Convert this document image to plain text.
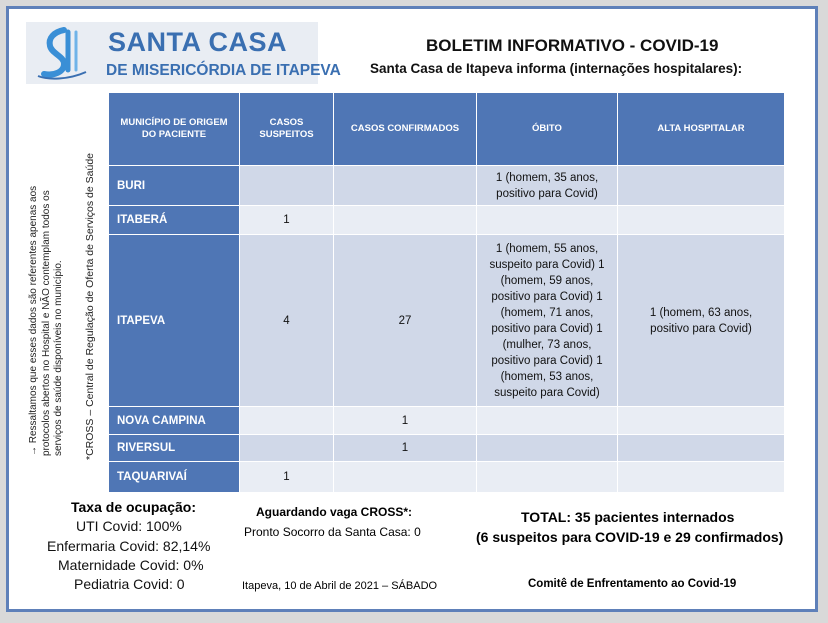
SANTA CASA
DE MISERICÓRDIA DE ITAPEVA
BOLETIM INFORMATIVO - COVID-19
Santa Casa de Itapeva informa (internações hospitalares):
→ Ressaltamos que esses dados são referentes apenas aos protocolos abertos no Hospital e NÃO contemplam todos os serviços de saúde disponíveis no município. *CROSS – Central de Regulação de Oferta de Serviços de Saúde
MUNICÍPIO DE ORIGEM DO PACIENTE	CASOS SUSPEITOS	CASOS CONFIRMADOS	ÓBITO	ALTA HOSPITALAR
BURI			1 (homem, 35 anos, positivo para Covid)	
ITABERÁ	1			
ITAPEVA	4	27	1 (homem, 55 anos, suspeito para Covid) 1 (homem, 59 anos, positivo para Covid) 1 (homem, 71 anos, positivo para Covid) 1 (mulher, 73 anos, positivo para Covid) 1 (homem, 53 anos, suspeito para Covid)	1 (homem, 63 anos, positivo para Covid)
NOVA CAMPINA		1		
RIVERSUL		1		
TAQUARIVAÍ	1			
Taxa de ocupação:
UTI Covid: 100%
Enfermaria Covid: 82,14%
Maternidade Covid: 0%
Pediatria Covid: 0
Aguardando vaga CROSS*:
Pronto Socorro da Santa Casa: 0
TOTAL: 35 pacientes internados
(6 suspeitos para COVID-19 e 29 confirmados)
Itapeva, 10 de Abril de 2021 – SÁBADO	Comitê de Enfrentamento ao Covid-19
